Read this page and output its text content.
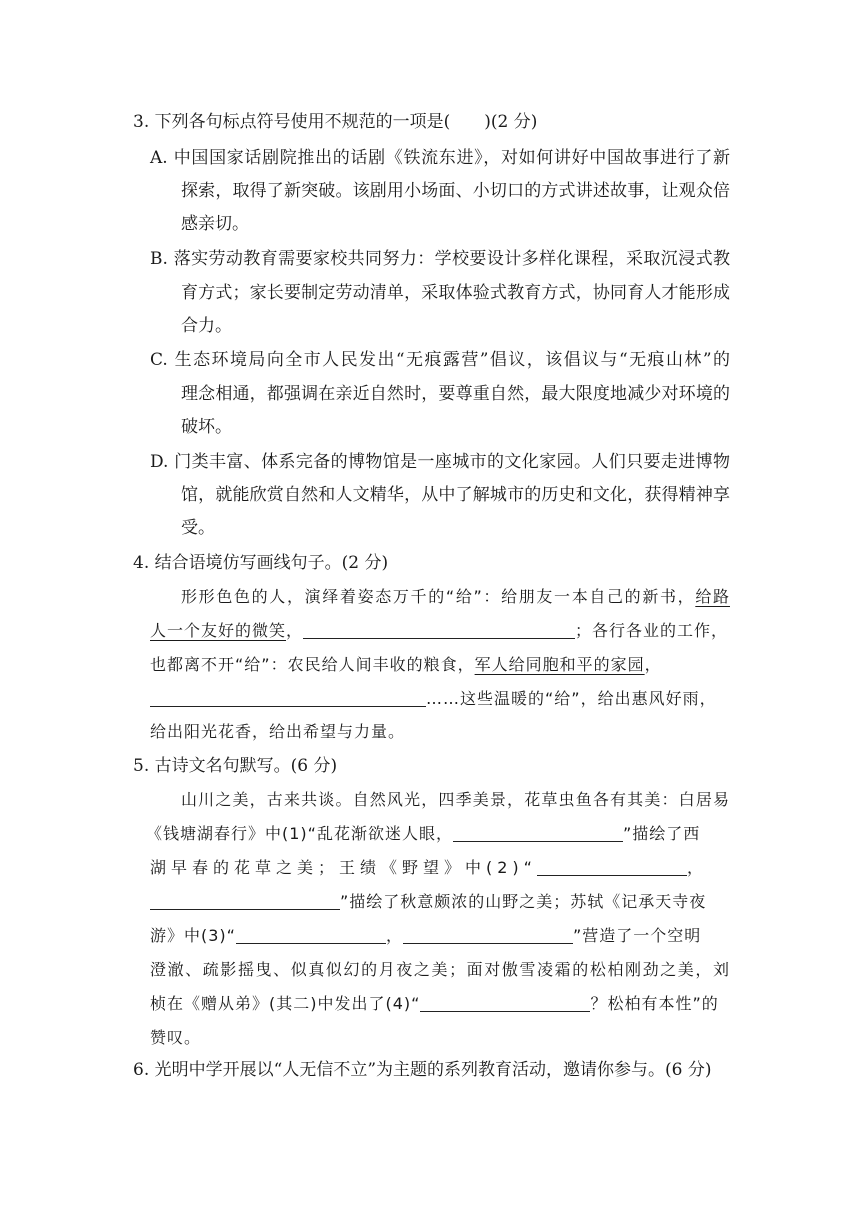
3. 下列各句标点符号使用不规范的一项是(　　)(2 分)
A. 中国国家话剧院推出的话剧《铁流东进》，对如何讲好中国故事进行了新
探索，取得了新突破。该剧用小场面、小切口的方式讲述故事，让观众倍
感亲切。
B. 落实劳动教育需要家校共同努力：学校要设计多样化课程，采取沉浸式教
育方式；家长要制定劳动清单，采取体验式教育方式，协同育人才能形成
合力。
C. 生态环境局向全市人民发出“无痕露营”倡议，该倡议与“无痕山林”的
理念相通，都强调在亲近自然时，要尊重自然，最大限度地减少对环境的
破坏。
D. 门类丰富、体系完备的博物馆是一座城市的文化家园。人们只要走进博物
馆，就能欣赏自然和人文精华，从中了解城市的历史和文化，获得精神享
受。
4. 结合语境仿写画线句子。(2 分)
形形色色的人，演绎着姿态万千的“给”：给朋友一本自己的新书，给路
人一个友好的微笑，	；各行各业的工作，
也都离不开“给”：农民给人间丰收的粮食，军人给同胞和平的家园，
……这些温暖的“给”，给出惠风好雨，
给出阳光花香，给出希望与力量。
5. 古诗文名句默写。(6 分)
山川之美，古来共谈。自然风光，四季美景，花草虫鱼各有其美：白居易
《钱塘湖春行》中(1)“乱花渐欲迷人眼，	”描绘了西
湖早春的花草之美；王绩《野望》中(2)“	，
”描绘了秋意颇浓的山野之美；苏轼《记承天寺夜
游》中(3)“	，	”营造了一个空明
澄澈、疏影摇曳、似真似幻的月夜之美；面对傲雪凌霜的松柏刚劲之美，刘
桢在《赠从弟》(其二)中发出了(4)“	？松柏有本性”的
赞叹。
6. 光明中学开展以“人无信不立”为主题的系列教育活动，邀请你参与。(6 分)
